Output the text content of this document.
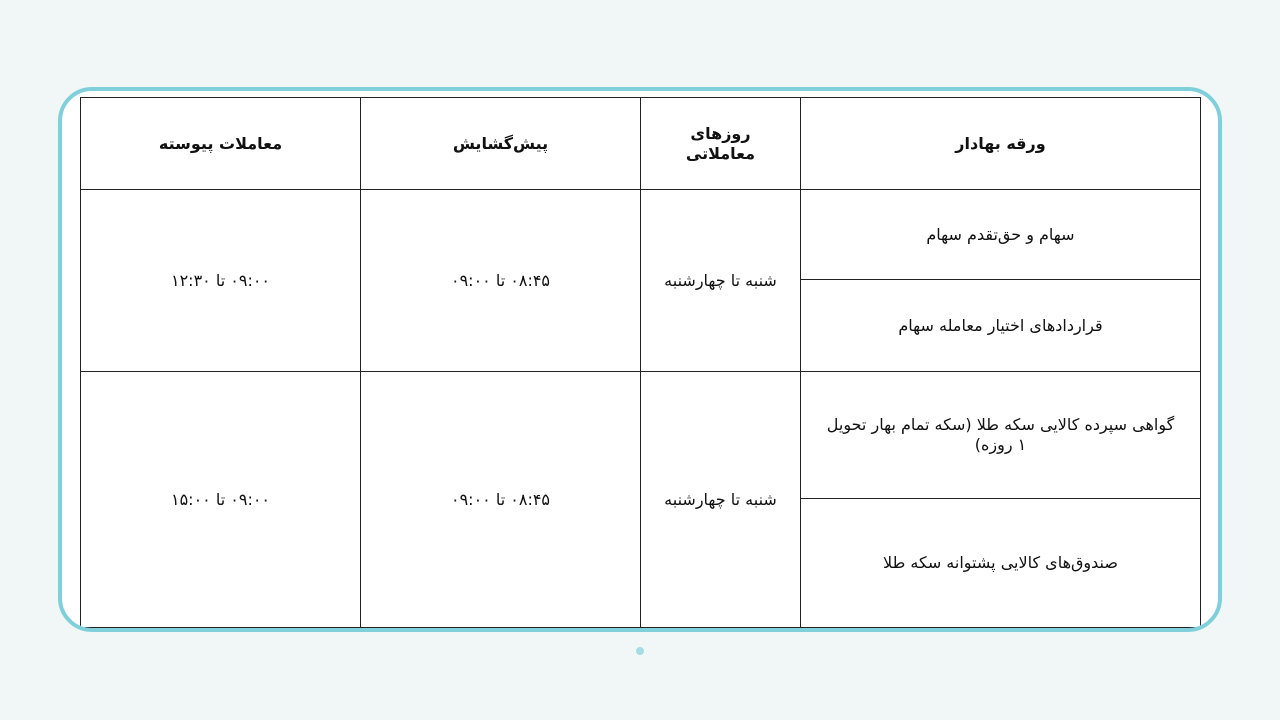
ورقه بهادار	روزهای معاملاتی	پیش‌گشایش	معاملات پیوسته
سهام و حق‌تقدم سهام	شنبه تا چهارشنبه	۰۸:۴۵ تا ۰۹:۰۰	۰۹:۰۰ تا ۱۲:۳۰
قراردادهای اختیار معامله سهام			
گواهی سپرده کالایی سکه طلا (سکه تمام بهار تحویل ۱ روزه)	شنبه تا چهارشنبه	۰۸:۴۵ تا ۰۹:۰۰	۰۹:۰۰ تا ۱۵:۰۰
صندوق‌های کالایی پشتوانه سکه طلا			
